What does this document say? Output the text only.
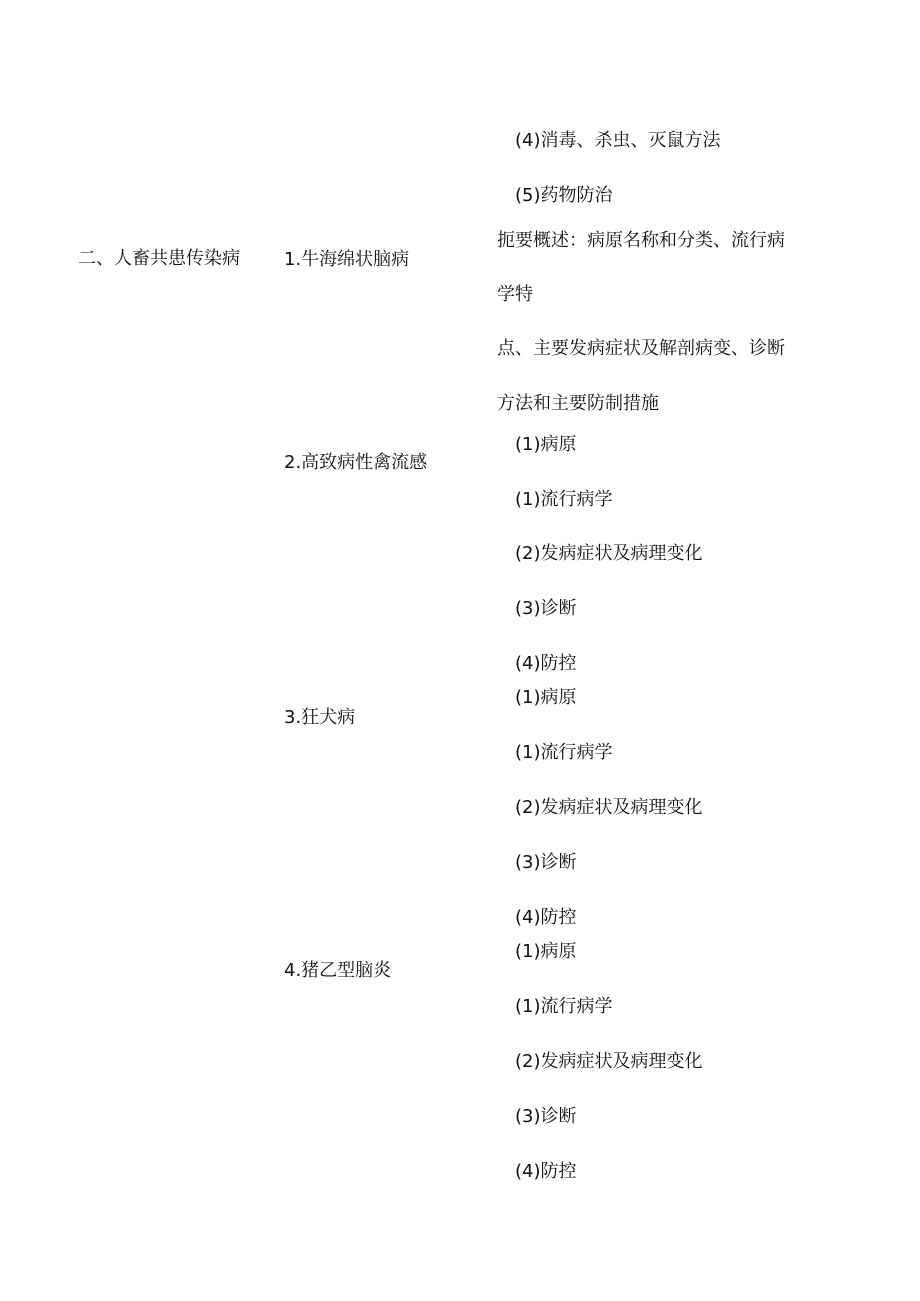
(4)消毒、杀虫、灭鼠方法
(5)药物防治
二、人畜共患传染病 1.牛海绵状脑病
扼要概述：病原名称和分类、流行病
学特
点、主要发病症状及解剖病变、诊断
方法和主要防制措施
2.高致病性禽流感
(1)病原
(1)流行病学
(2)发病症状及病理变化
(3)诊断
(4)防控
3.狂犬病
(1)病原
(1)流行病学
(2)发病症状及病理变化
(3)诊断
(4)防控
4.猪乙型脑炎
(1)病原
(1)流行病学
(2)发病症状及病理变化
(3)诊断
(4)防控
